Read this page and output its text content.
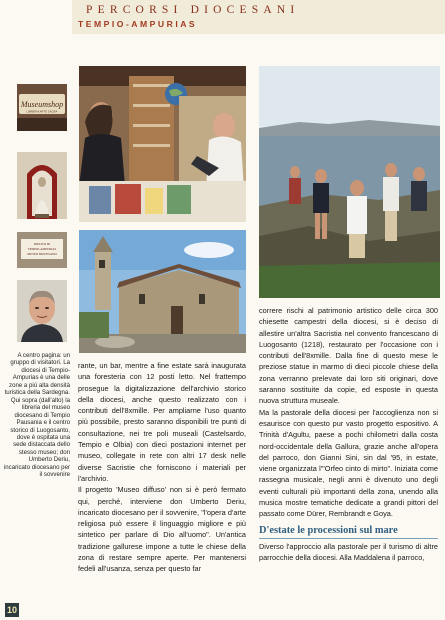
PERCORSI DIOCESANI
TEMPIO-AMPURIAS
Museumshop
LIBRERIA ARTE SACRA
DIOCESI DI
TEMPIO-AMPURIAS
MUSEO DIOCESANO
A centro pagina: un gruppo di visitatori. La diocesi di Tempio-Ampurias è una delle zone a più alta densità turistica della Sardegna. Qui sopra (dall'alto) la libreria del museo diocesano di Tempio Pausania e il centro storico di Luogosanto, dove è ospitata una sede distaccata dello stesso museo; don Umberto Deriu, incaricato diocesano per il sovvenire

rante, un bar, mentre a fine estate sarà inaugurata una foresteria con 12 posti letto. Nel frattempo prosegue la digitalizzazione dell'archivio storico della diocesi, anche questo realizzato con i contributi dell'8xmille. Per ampliarne l'uso quanto più possibile, presto saranno disponibili tre punti di consultazione, nei tre poli museali (Castelsardo, Tempio e Olbia) con dieci postazioni internet per museo, collegate in rete con altri 17 desk nelle diverse Sacristie che forniscono i materiali per l'archivio.

Il progetto 'Museo diffuso' non si è però fermato qui, perché, interviene don Umberto Deriu, incaricato diocesano per il sovvenire, "l'opera d'arte religiosa può essere il linguaggio migliore e più sintetico per parlare di Dio all'uomo". Un'antica tradizione gallurese impone a tutte le chiese della zona di restare sempre aperte. Per mantenersi fedeli all'usanza, senza per questo far

correre rischi al patrimonio artistico delle circa 300 chiesette campestri della diocesi, si è deciso di allestire un'altra Sacristia nel convento francescano di Luogosanto (1218), restaurato per l'occasione con i contributi dell'8xmille. Dalla fine di questo mese le preziose statue in marmo di dieci piccole chiese della zona verranno prelevate dai loro siti originari, dove saranno sostituite da copie, ed esposte in questa nuova struttura museale.

Ma la pastorale della diocesi per l'accoglienza non si esaurisce con questo pur vasto progetto espositivo. A Trinità d'Agultu, paese a pochi chilometri dalla costa nord-occidentale della Gallura, grazie anche all'opera del parroco, don Gianni Sini, sin dal '95, in estate, viene organizzata l'"Orfeo cinto di mirto". Iniziata come rassegna musicale, negli anni è divenuto uno degli eventi culturali più importanti della zona, unendo alla musica mostre tematiche dedicate a grandi pittori del passato come Dürer, Rembrandt e Goya.

D'estate le processioni sul mare

Diverso l'approccio alla pastorale per il turismo di altre parrocchie della diocesi. Alla Maddalena il parroco,

10
